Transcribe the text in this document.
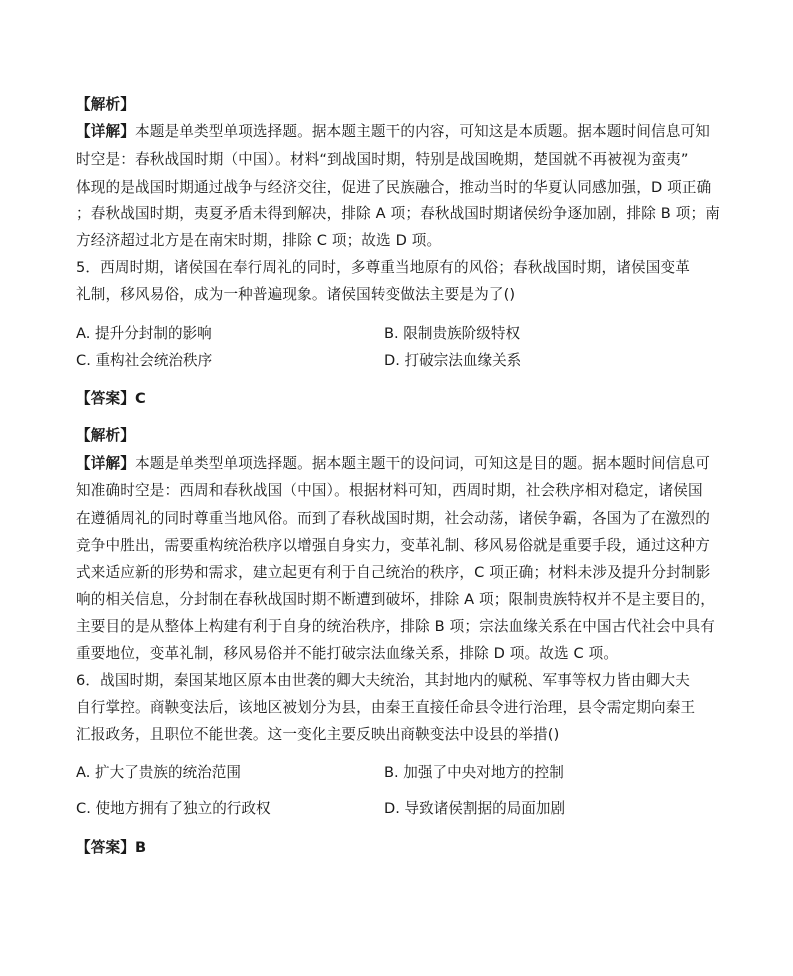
【解析】
【详解】本题是单类型单项选择题。据本题主题干的内容，可知这是本质题。据本题时间信息可知
时空是：春秋战国时期（中国）。材料“到战国时期，特别是战国晚期，楚国就不再被视为蛮夷”
体现的是战国时期通过战争与经济交往，促进了民族融合，推动当时的华夏认同感加强，D 项正确
；春秋战国时期，夷夏矛盾未得到解决，排除 A 项；春秋战国时期诸侯纷争逐加剧，排除 B 项；南
方经济超过北方是在南宋时期，排除 C 项；故选 D 项。
5．西周时期，诸侯国在奉行周礼的同时，多尊重当地原有的风俗；春秋战国时期，诸侯国变革
礼制，移风易俗，成为一种普遍现象。诸侯国转变做法主要是为了()
A. 提升分封制的影响	B. 限制贵族阶级特权
C. 重构社会统治秩序	D. 打破宗法血缘关系
【答案】C
【解析】
【详解】本题是单类型单项选择题。据本题主题干的设问词，可知这是目的题。据本题时间信息可
知准确时空是：西周和春秋战国（中国）。根据材料可知，西周时期，社会秩序相对稳定，诸侯国
在遵循周礼的同时尊重当地风俗。而到了春秋战国时期，社会动荡，诸侯争霸，各国为了在激烈的
竞争中胜出，需要重构统治秩序以增强自身实力，变革礼制、移风易俗就是重要手段，通过这种方
式来适应新的形势和需求，建立起更有利于自己统治的秩序，C 项正确；材料未涉及提升分封制影
响的相关信息，分封制在春秋战国时期不断遭到破坏，排除 A 项；限制贵族特权并不是主要目的，
主要目的是从整体上构建有利于自身的统治秩序，排除 B 项；宗法血缘关系在中国古代社会中具有
重要地位，变革礼制，移风易俗并不能打破宗法血缘关系，排除 D 项。故选 C 项。
6．战国时期，秦国某地区原本由世袭的卿大夫统治，其封地内的赋税、军事等权力皆由卿大夫
自行掌控。商鞅变法后，该地区被划分为县，由秦王直接任命县令进行治理，县令需定期向秦王
汇报政务，且职位不能世袭。这一变化主要反映出商鞅变法中设县的举措()
A. 扩大了贵族的统治范围	B. 加强了中央对地方的控制
C. 使地方拥有了独立的行政权	D. 导致诸侯割据的局面加剧
【答案】B
